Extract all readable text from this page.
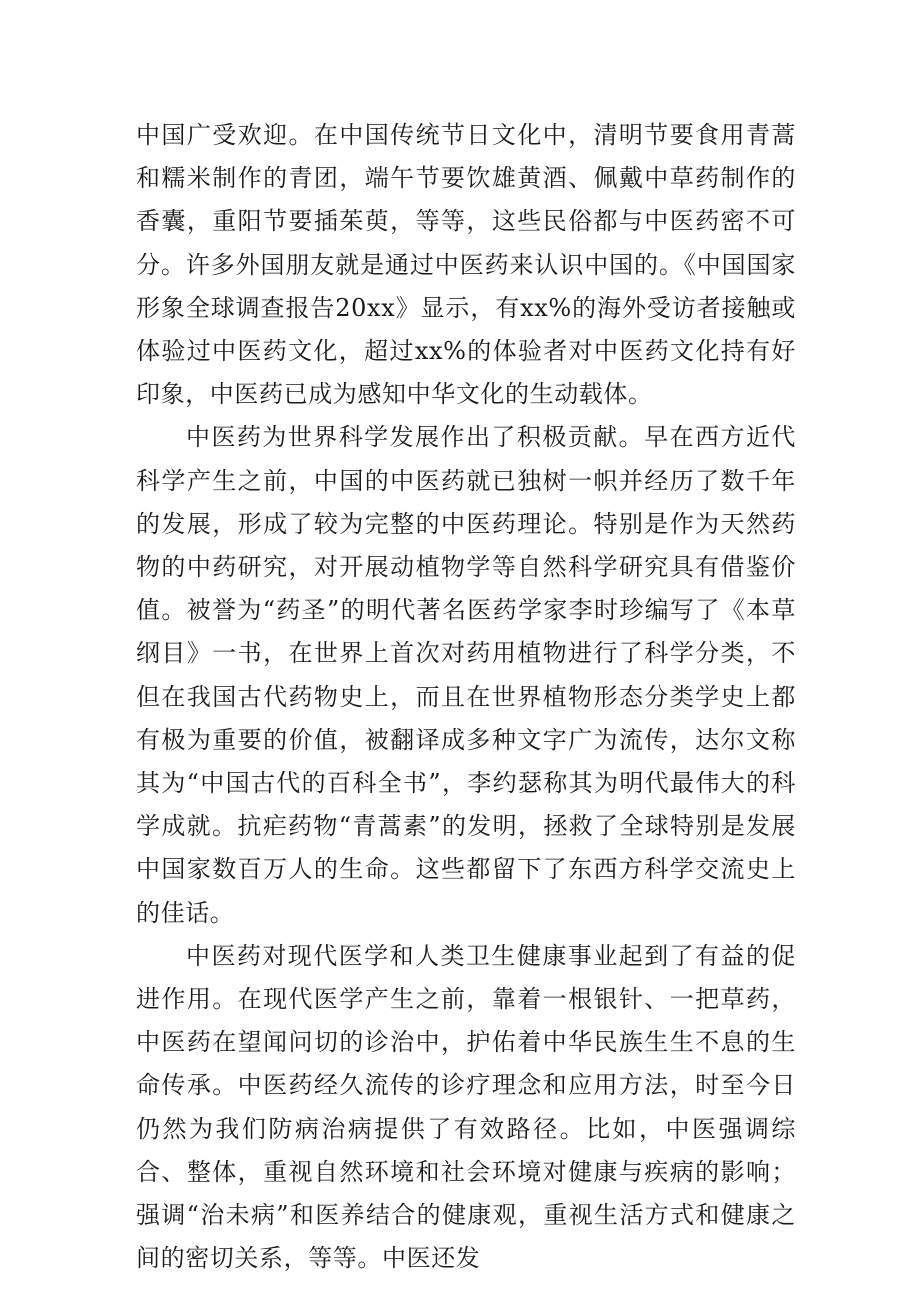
中国广受欢迎。在中国传统节日文化中，清明节要食用青蒿和糯米制作的青团，端午节要饮雄黄酒、佩戴中草药制作的香囊，重阳节要插茱萸，等等，这些民俗都与中医药密不可分。许多外国朋友就是通过中医药来认识中国的。《中国国家形象全球调查报告20xx》显示，有xx%的海外受访者接触或体验过中医药文化，超过xx%的体验者对中医药文化持有好印象，中医药已成为感知中华文化的生动载体。

中医药为世界科学发展作出了积极贡献。早在西方近代科学产生之前，中国的中医药就已独树一帜并经历了数千年的发展，形成了较为完整的中医药理论。特别是作为天然药物的中药研究，对开展动植物学等自然科学研究具有借鉴价值。被誉为“药圣”的明代著名医药学家李时珍编写了《本草纲目》一书，在世界上首次对药用植物进行了科学分类，不但在我国古代药物史上，而且在世界植物形态分类学史上都有极为重要的价值，被翻译成多种文字广为流传，达尔文称其为“中国古代的百科全书”，李约瑟称其为明代最伟大的科学成就。抗疟药物“青蒿素”的发明，拯救了全球特别是发展中国家数百万人的生命。这些都留下了东西方科学交流史上的佳话。

中医药对现代医学和人类卫生健康事业起到了有益的促进作用。在现代医学产生之前，靠着一根银针、一把草药，中医药在望闻问切的诊治中，护佑着中华民族生生不息的生命传承。中医药经久流传的诊疗理念和应用方法，时至今日仍然为我们防病治病提供了有效路径。比如，中医强调综合、整体，重视自然环境和社会环境对健康与疾病的影响；强调“治未病”和医养结合的健康观，重视生活方式和健康之间的密切关系，等等。中医还发
